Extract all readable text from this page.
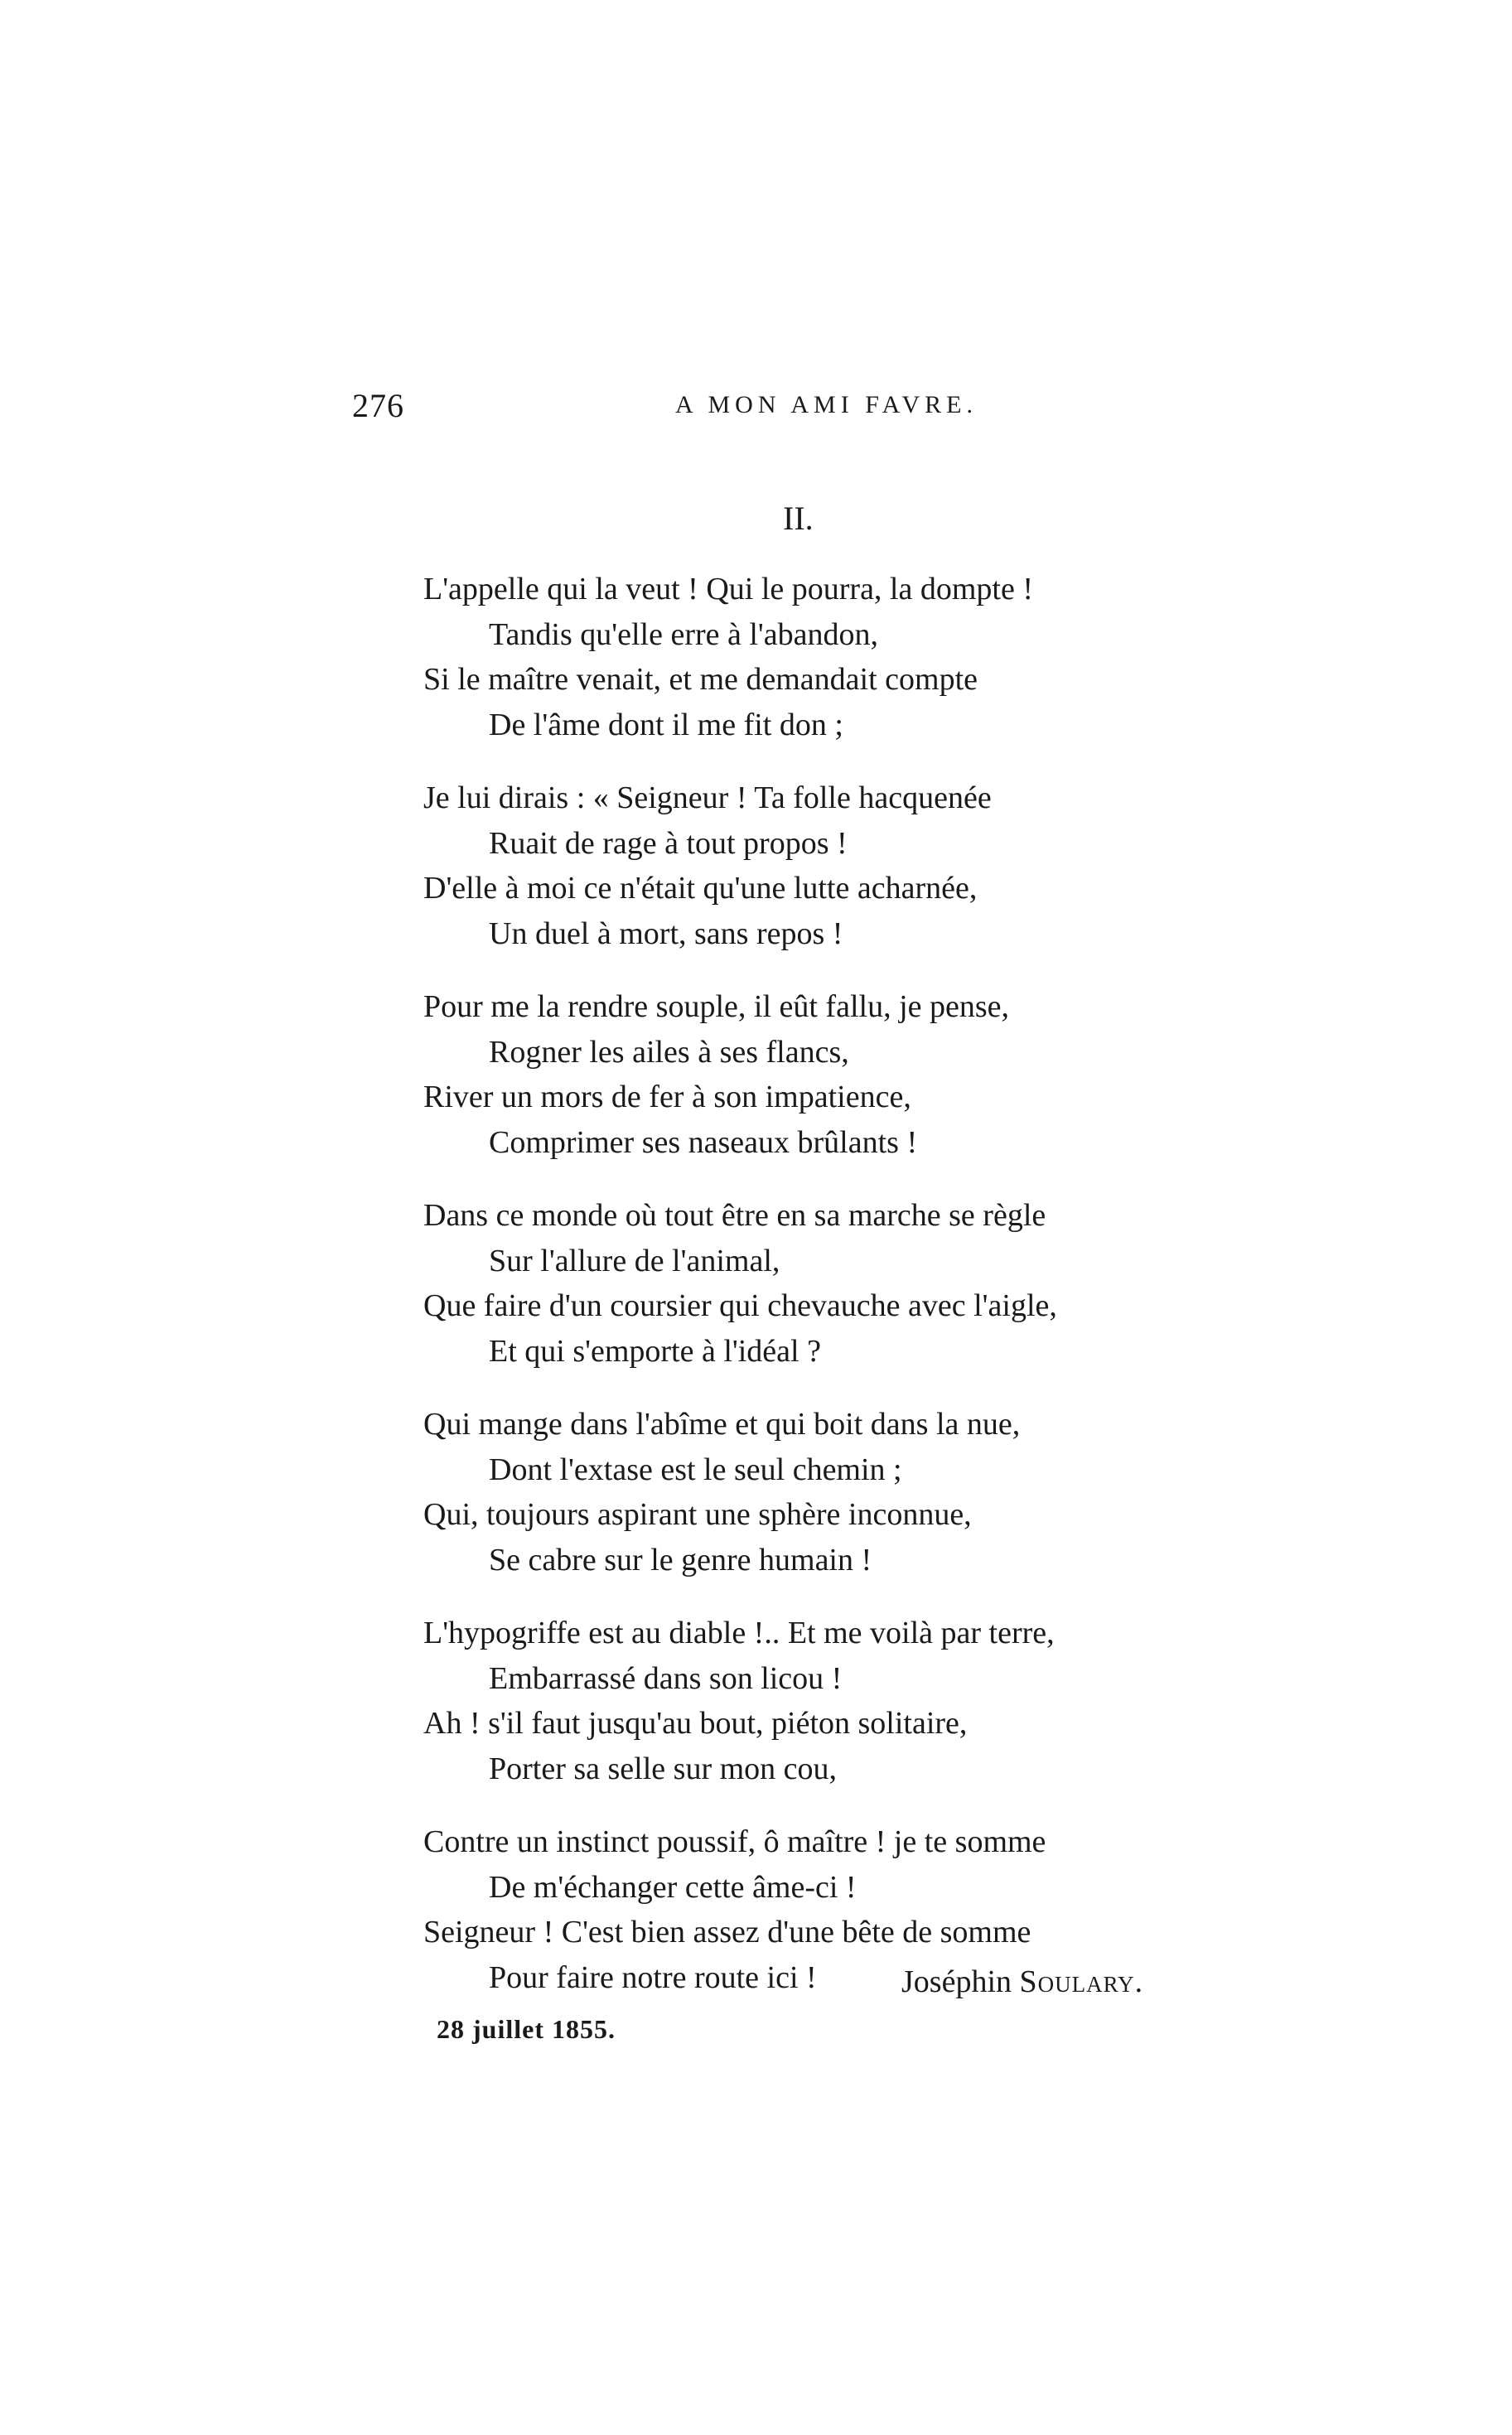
276	A MON AMI FAVRE.
II.
L'appelle qui la veut ! Qui le pourra, la dompte !
Tandis qu'elle erre à l'abandon,
Si le maître venait, et me demandait compte
De l'âme dont il me fit don ;
Je lui dirais : « Seigneur ! Ta folle hacquenée
Ruait de rage à tout propos !
D'elle à moi ce n'était qu'une lutte acharnée,
Un duel à mort, sans repos !
Pour me la rendre souple, il eût fallu, je pense,
Rogner les ailes à ses flancs,
River un mors de fer à son impatience,
Comprimer ses naseaux brûlants !
Dans ce monde où tout être en sa marche se règle
Sur l'allure de l'animal,
Que faire d'un coursier qui chevauche avec l'aigle,
Et qui s'emporte à l'idéal ?
Qui mange dans l'abîme et qui boit dans la nue,
Dont l'extase est le seul chemin ;
Qui, toujours aspirant une sphère inconnue,
Se cabre sur le genre humain !
L'hypogriffe est au diable !.. Et me voilà par terre,
Embarrassé dans son licou !
Ah ! s'il faut jusqu'au bout, piéton solitaire,
Porter sa selle sur mon cou,
Contre un instinct poussif, ô maître ! je te somme
De m'échanger cette âme-ci !
Seigneur ! C'est bien assez d'une bête de somme
Pour faire notre route ici !	Joséphin Soulary.
28 juillet 1855.
